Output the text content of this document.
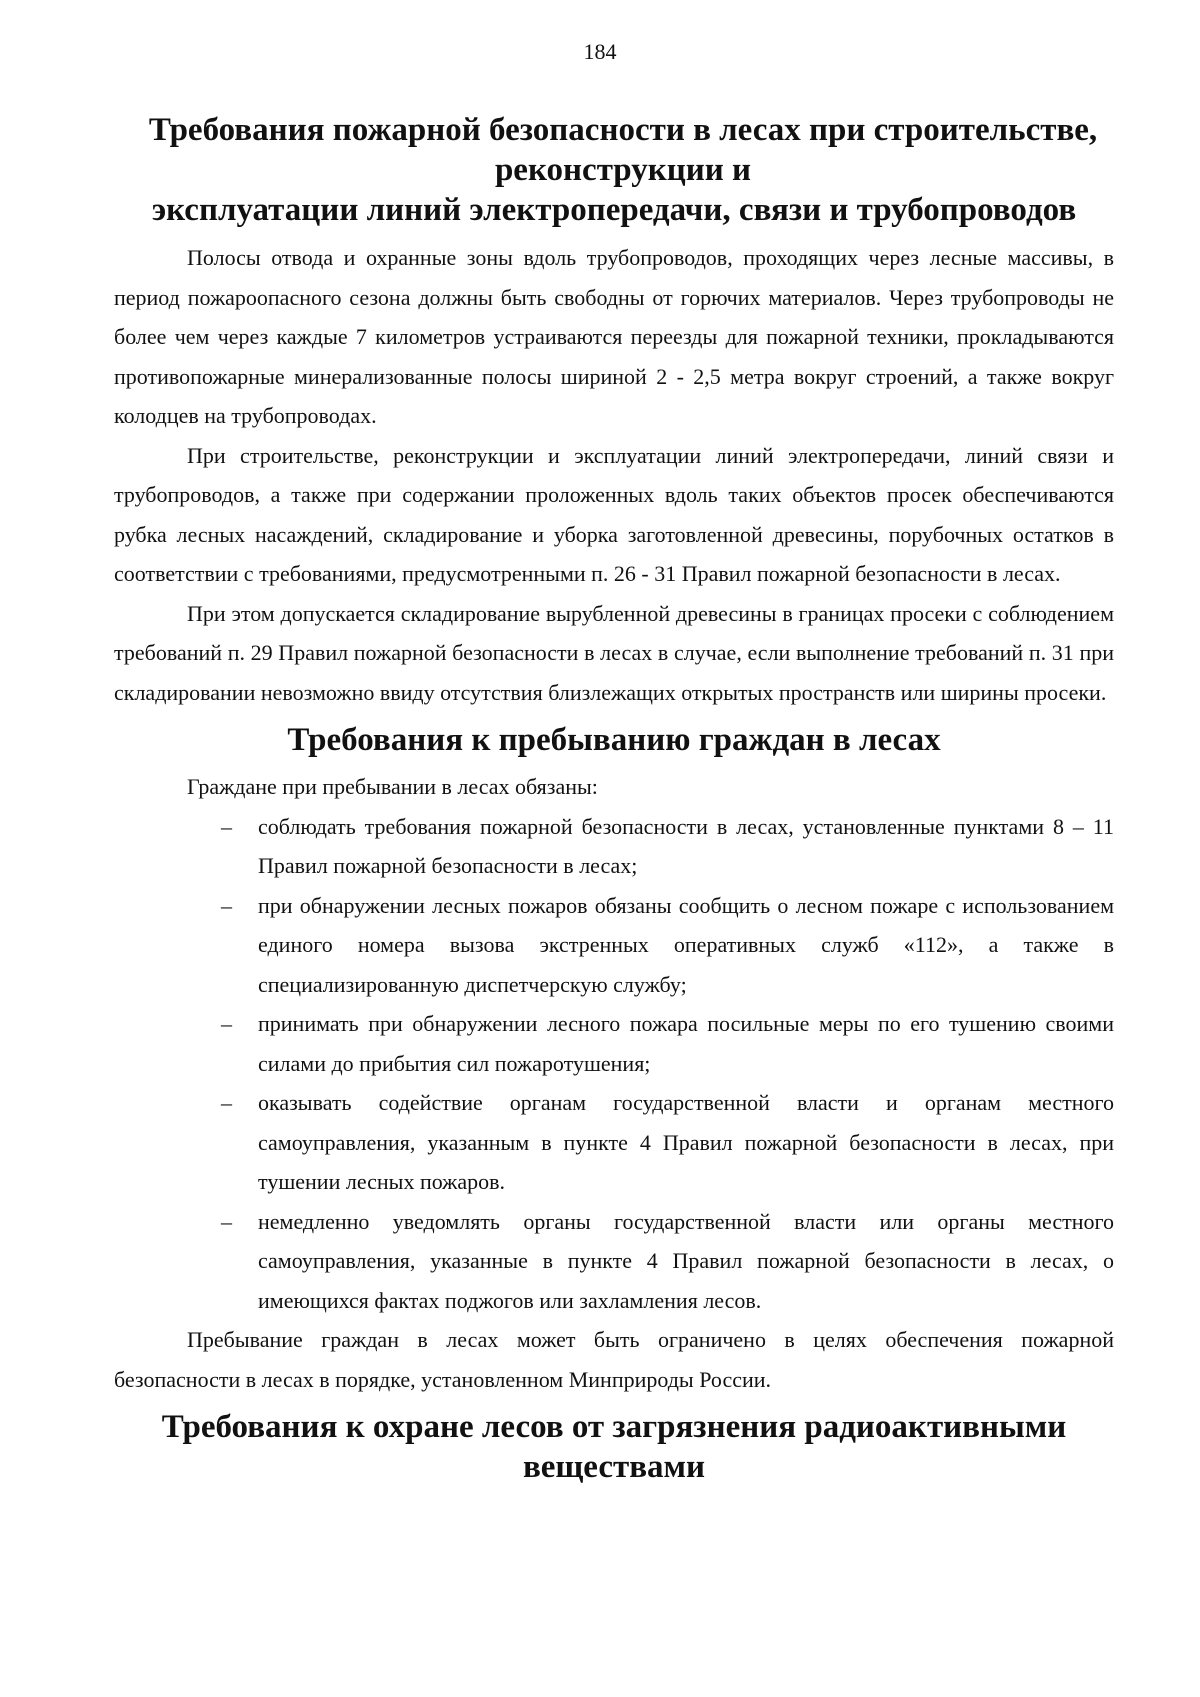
184
Требования пожарной безопасности в лесах при строительстве, реконструкции и
эксплуатации линий электропередачи, связи и трубопроводов

Полосы отвода и охранные зоны вдоль трубопроводов, проходящих через лесные массивы, в период пожароопасного сезона должны быть свободны от горючих материалов. Через трубопроводы не более чем через каждые 7 километров устраиваются переезды для пожарной техники, прокладываются противопожарные минерализованные полосы шириной 2 - 2,5 метра вокруг строений, а также вокруг колодцев на трубопроводах.

При строительстве, реконструкции и эксплуатации линий электропередачи, линий связи и трубопроводов, а также при содержании проложенных вдоль таких объектов просек обеспечиваются рубка лесных насаждений, складирование и уборка заготовленной древесины, порубочных остатков в соответствии с требованиями, предусмотренными п. 26 - 31 Правил пожарной безопасности в лесах.

При этом допускается складирование вырубленной древесины в границах просеки с соблюдением требований п. 29 Правил пожарной безопасности в лесах в случае, если выполнение требований п. 31 при складировании невозможно ввиду отсутствия близлежащих открытых пространств или ширины просеки.

Требования к пребыванию граждан в лесах

Граждане при пребывании в лесах обязаны:

– соблюдать требования пожарной безопасности в лесах, установленные пунктами 8 – 11 Правил пожарной безопасности в лесах;
– при обнаружении лесных пожаров обязаны сообщить о лесном пожаре с использованием единого номера вызова экстренных оперативных служб «112», а также в специализированную диспетчерскую службу;
– принимать при обнаружении лесного пожара посильные меры по его тушению своими силами до прибытия сил пожаротушения;
– оказывать содействие органам государственной власти и органам местного самоуправления, указанным в пункте 4 Правил пожарной безопасности в лесах, при тушении лесных пожаров.
– немедленно уведомлять органы государственной власти или органы местного самоуправления, указанные в пункте 4 Правил пожарной безопасности в лесах, о имеющихся фактах поджогов или захламления лесов.

Пребывание граждан в лесах может быть ограничено в целях обеспечения пожарной безопасности в лесах в порядке, установленном Минприроды России.

Требования к охране лесов от загрязнения радиоактивными веществами
